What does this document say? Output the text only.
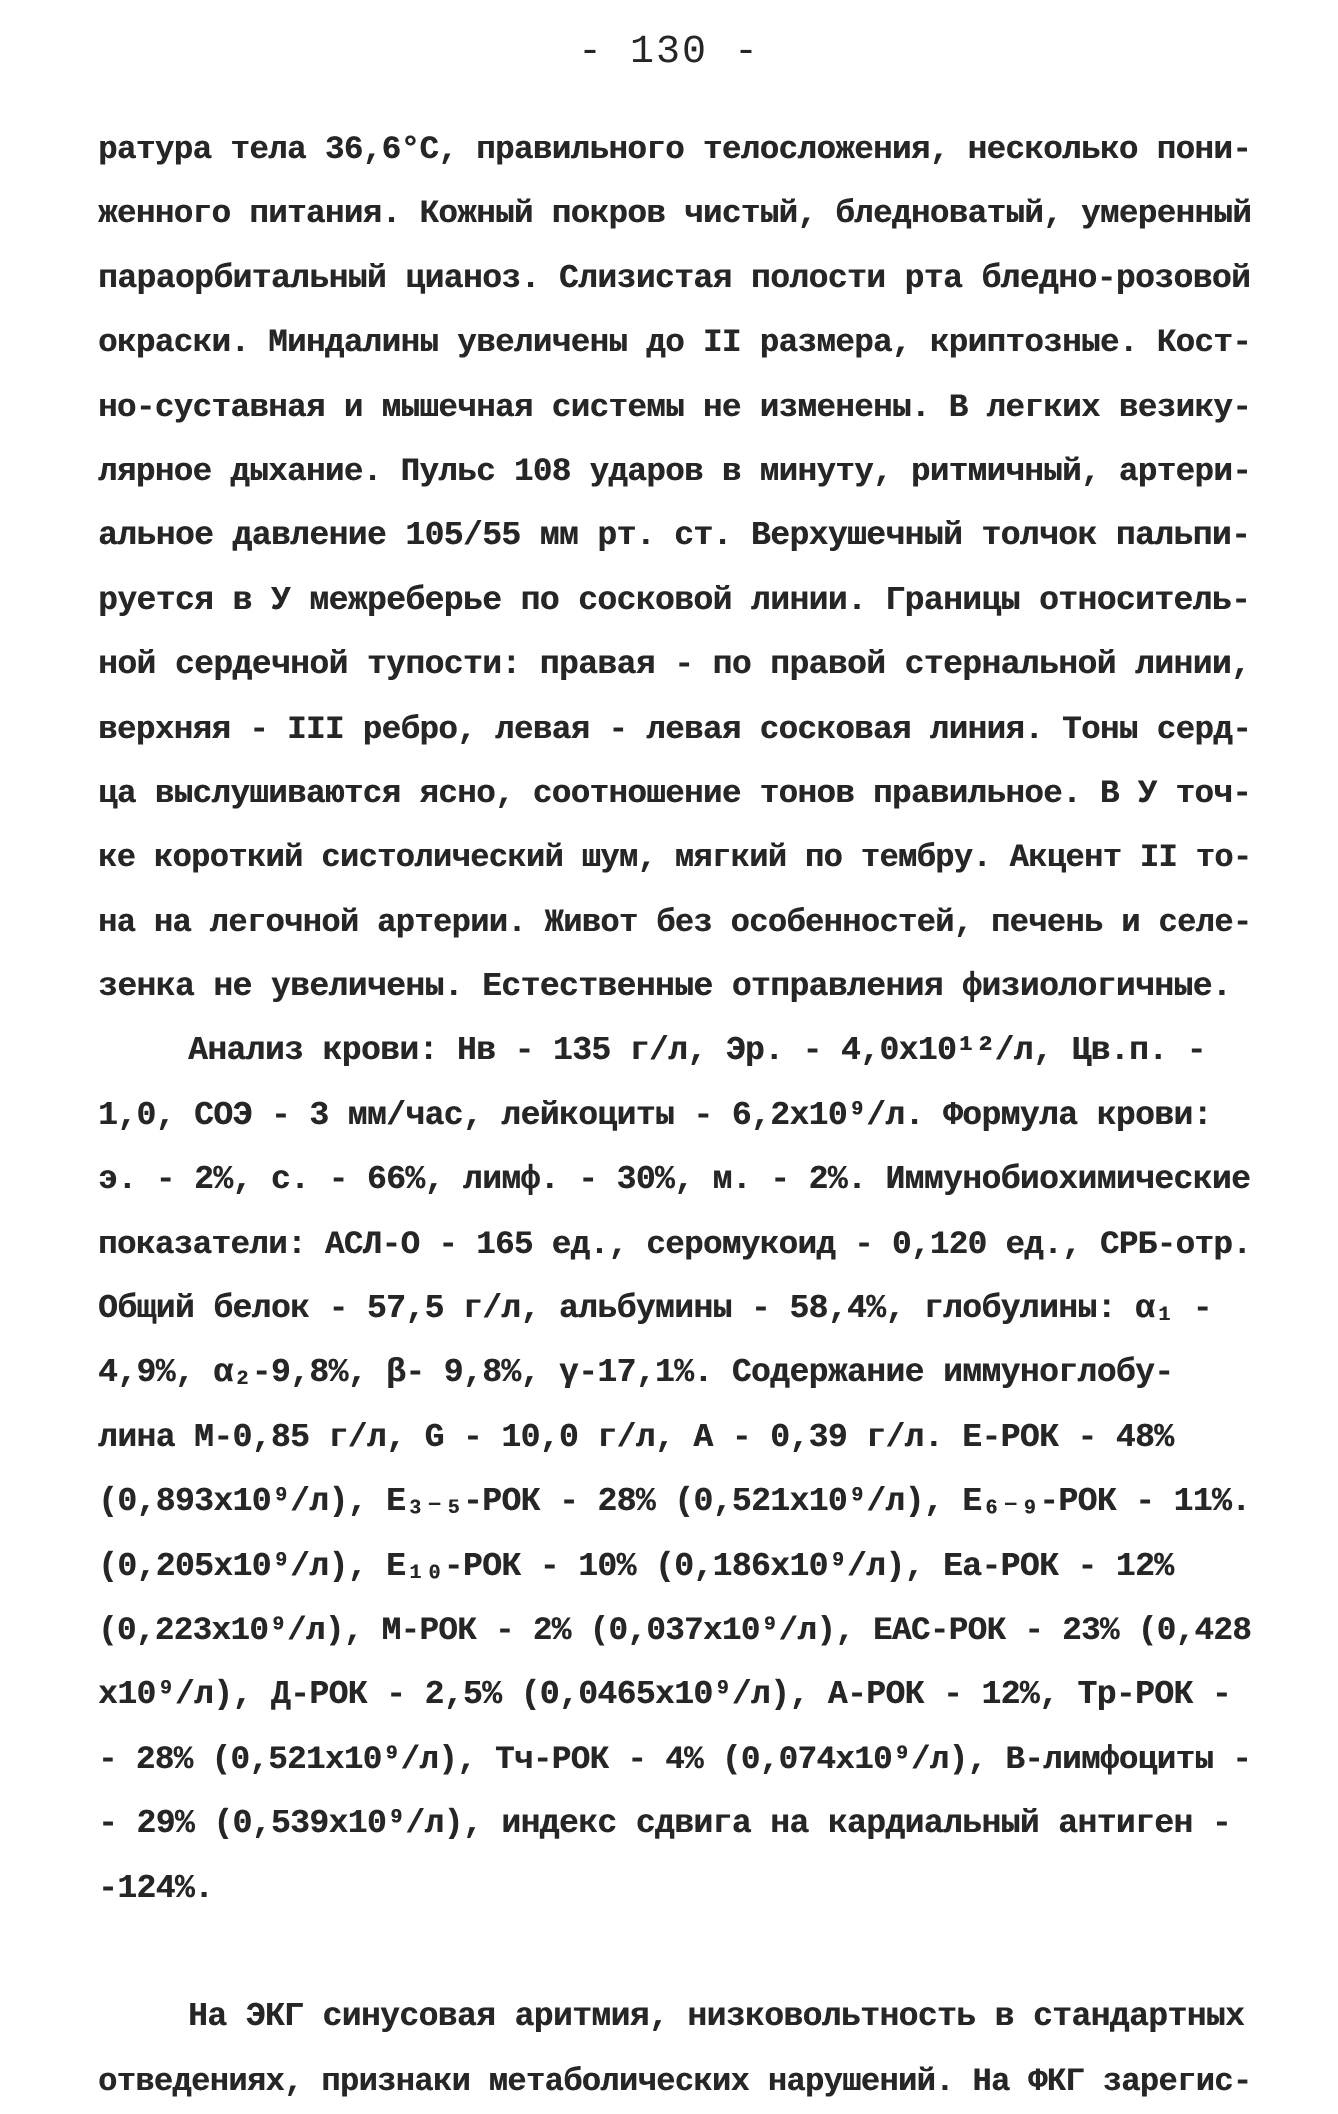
- 130 -
ратура тела 36,6°С, правильного телосложения, несколько пони-
женного питания. Кожный покров чистый, бледноватый, умеренный
параорбитальный цианоз. Слизистая полости рта бледно-розовой
окраски. Миндалины увеличены до II размера, криптозные. Кост-
но-суставная и мышечная системы не изменены. В легких везику-
лярное дыхание. Пульс 108 ударов в минуту, ритмичный, артери-
альное давление 105/55 мм рт. ст. Верхушечный толчок пальпи-
руется в У межреберье по сосковой линии. Границы относитель-
ной сердечной тупости: правая - по правой стернальной линии,
верхняя - III ребро, левая - левая сосковая линия. Тоны серд-
ца выслушиваются ясно, соотношение тонов правильное. В У точ-
ке короткий систолический шум, мягкий по тембру. Акцент II то-
на на легочной артерии. Живот без особенностей, печень и селе-
зенка не увеличены. Естественные отправления физиологичные.
Анализ крови: Нв - 135 г/л, Эр. - 4,0х10¹²/л, Цв.п. -
1,0, СОЭ - 3 мм/час, лейкоциты - 6,2х10⁹/л. Формула крови:
э. - 2%, с. - 66%, лимф. - 30%, м. - 2%. Иммунобиохимические
показатели: АСЛ-О - 165 ед., серомукоид - 0,120 ед., СРБ-отр.
Общий белок - 57,5 г/л, альбумины - 58,4%, глобулины: α₁ -
4,9%, α₂-9,8%, β- 9,8%, γ-17,1%. Содержание иммуноглобу-
лина М-0,85 г/л, G - 10,0 г/л, А - 0,39 г/л. Е-РОК - 48%
(0,893х10⁹/л), Е₃₋₅-РОК - 28% (0,521х10⁹/л), Е₆₋₉-РОК - 11%.
(0,205х10⁹/л), Е₁₀-РОК - 10% (0,186х10⁹/л), Еа-РОК - 12%
(0,223х10⁹/л), М-РОК - 2% (0,037х10⁹/л), ЕАС-РОК - 23% (0,428
х10⁹/л), Д-РОК - 2,5% (0,0465х10⁹/л), А-РОК - 12%, Тр-РОК -
- 28% (0,521х10⁹/л), Тч-РОК - 4% (0,074х10⁹/л), В-лимфоциты -
- 29% (0,539х10⁹/л), индекс сдвига на кардиальный антиген -
-124%.
На ЭКГ синусовая аритмия, низковольтность в стандартных
отведениях, признаки метаболических нарушений. На ФКГ зарегис-
